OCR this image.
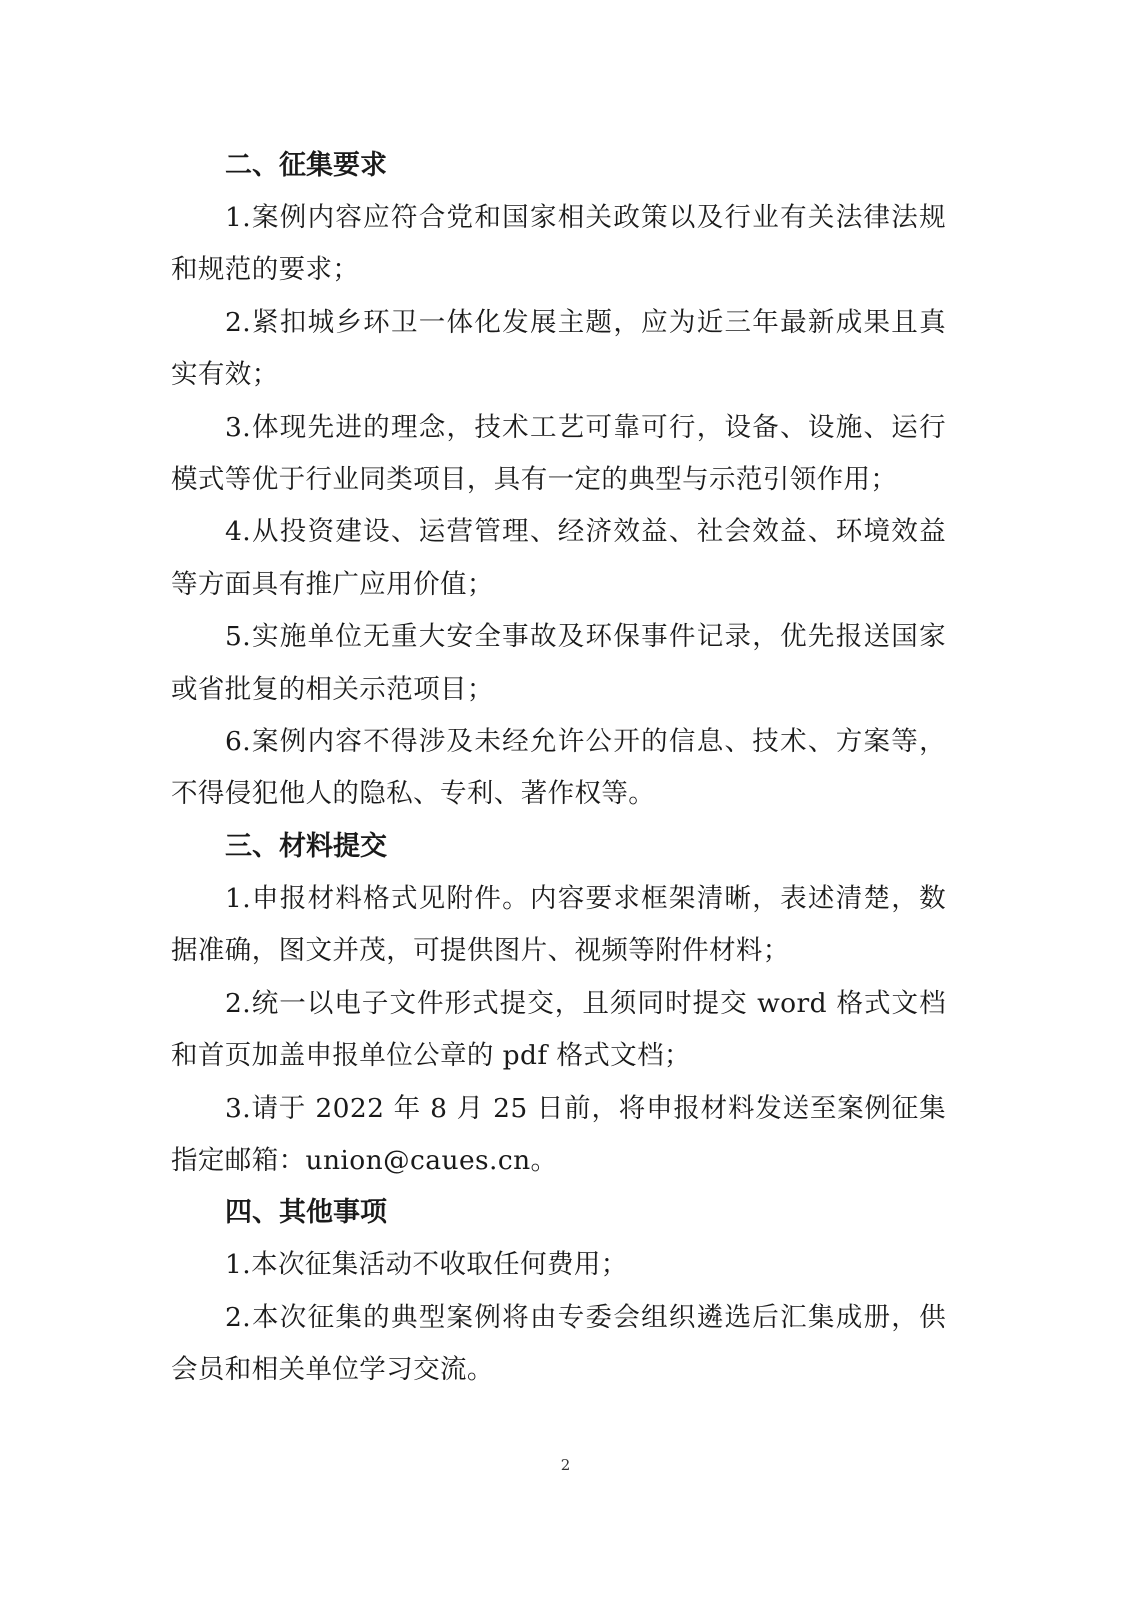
二、征集要求

1.案例内容应符合党和国家相关政策以及行业有关法律法规和规范的要求；

2.紧扣城乡环卫一体化发展主题，应为近三年最新成果且真实有效；

3.体现先进的理念，技术工艺可靠可行，设备、设施、运行模式等优于行业同类项目，具有一定的典型与示范引领作用；

4.从投资建设、运营管理、经济效益、社会效益、环境效益等方面具有推广应用价值；

5.实施单位无重大安全事故及环保事件记录，优先报送国家或省批复的相关示范项目；

6.案例内容不得涉及未经允许公开的信息、技术、方案等，不得侵犯他人的隐私、专利、著作权等。

三、材料提交

1.申报材料格式见附件。内容要求框架清晰，表述清楚，数据准确，图文并茂，可提供图片、视频等附件材料；

2.统一以电子文件形式提交，且须同时提交 word 格式文档和首页加盖申报单位公章的 pdf 格式文档；

3.请于 2022 年 8 月 25 日前，将申报材料发送至案例征集指定邮箱：union@caues.cn。

四、其他事项

1.本次征集活动不收取任何费用；

2.本次征集的典型案例将由专委会组织遴选后汇集成册，供会员和相关单位学习交流。

2
